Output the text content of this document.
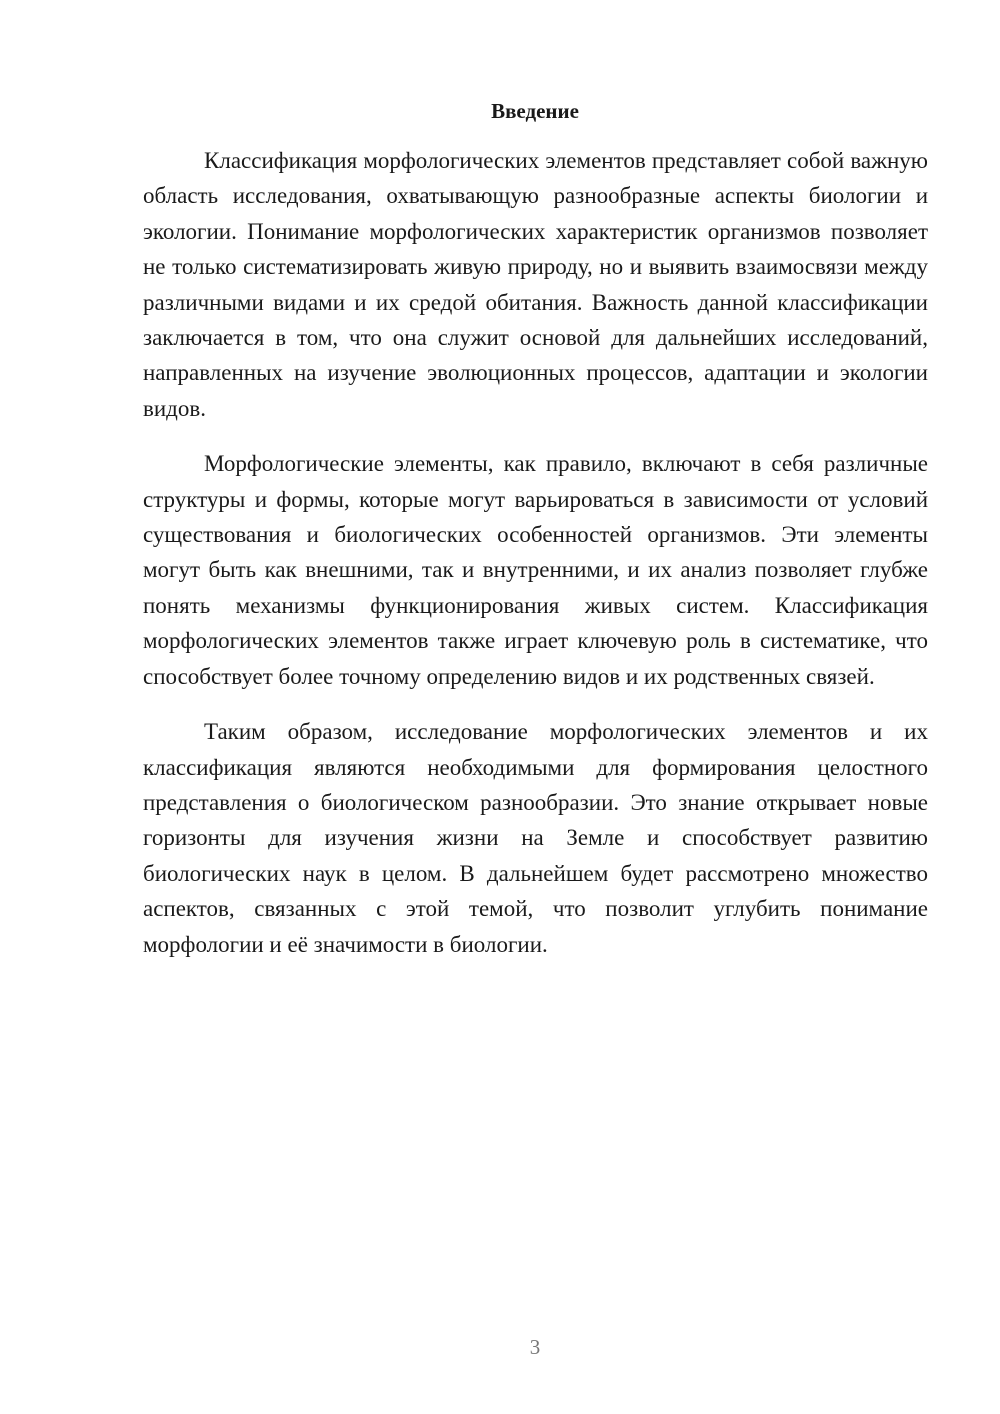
Введение

Классификация морфологических элементов представляет собой важную область исследования, охватывающую разнообразные аспекты биологии и экологии. Понимание морфологических характеристик организмов позволяет не только систематизировать живую природу, но и выявить взаимосвязи между различными видами и их средой обитания. Важность данной классификации заключается в том, что она служит основой для дальнейших исследований, направленных на изучение эволюционных процессов, адаптации и экологии видов.

Морфологические элементы, как правило, включают в себя различные структуры и формы, которые могут варьироваться в зависимости от условий существования и биологических особенностей организмов. Эти элементы могут быть как внешними, так и внутренними, и их анализ позволяет глубже понять механизмы функционирования живых систем. Классификация морфологических элементов также играет ключевую роль в систематике, что способствует более точному определению видов и их родственных связей.

Таким образом, исследование морфологических элементов и их классификация являются необходимыми для формирования целостного представления о биологическом разнообразии. Это знание открывает новые горизонты для изучения жизни на Земле и способствует развитию биологических наук в целом. В дальнейшем будет рассмотрено множество аспектов, связанных с этой темой, что позволит углубить понимание морфологии и её значимости в биологии.

3
